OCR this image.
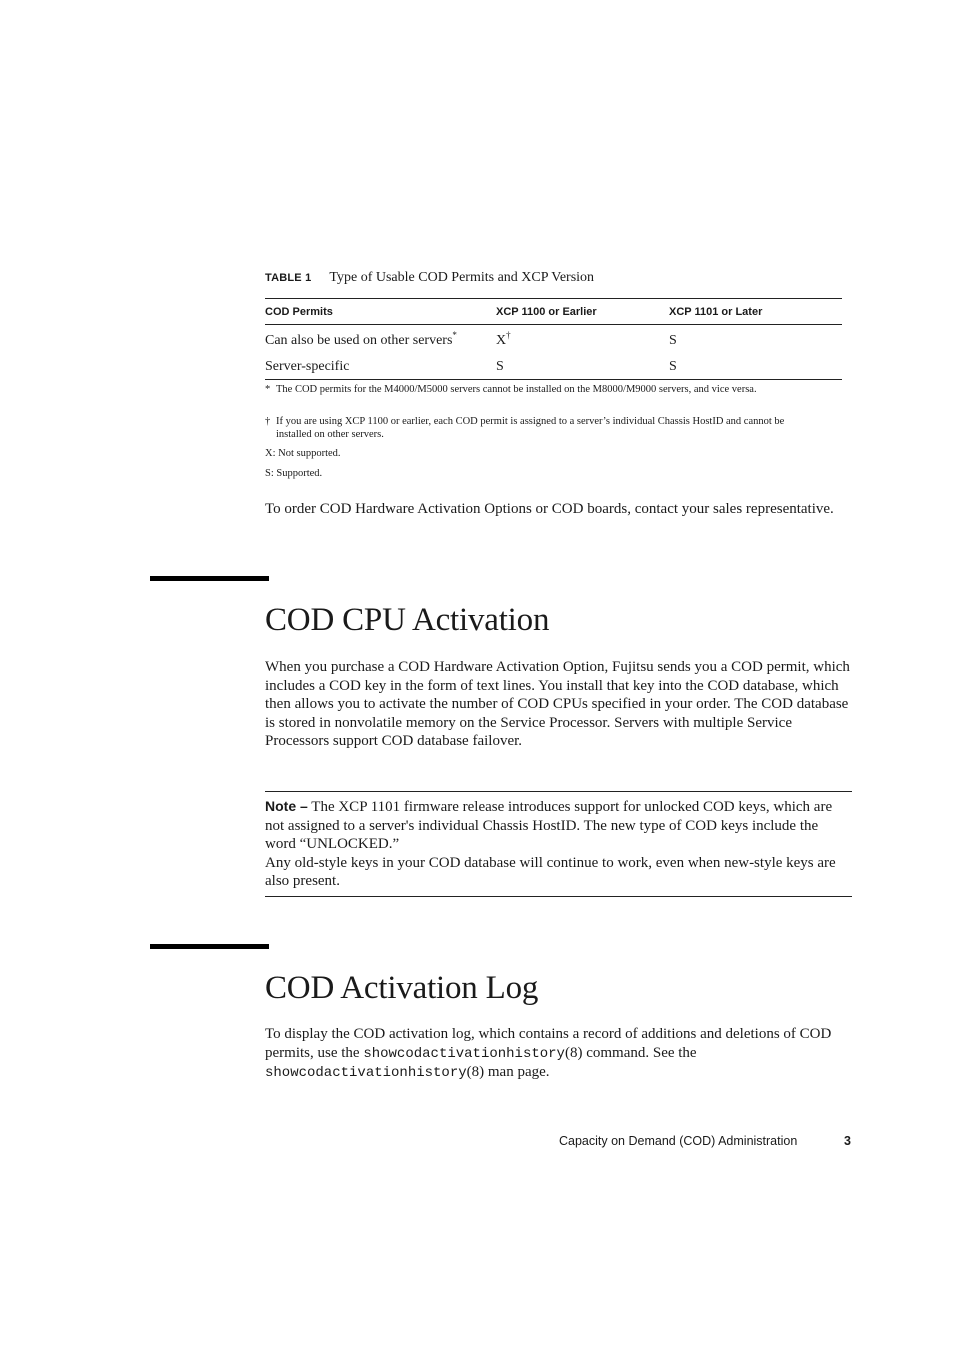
TABLE 1 Type of Usable COD Permits and XCP Version
COD Permits	XCP 1100 or Earlier	XCP 1101 or Later
Can also be used on other servers*	X†	S
Server-specific	S	S
* The COD permits for the M4000/M5000 servers cannot be installed on the M8000/M9000 servers, and vice versa.
† If you are using XCP 1100 or earlier, each COD permit is assigned to a server’s individual Chassis HostID and cannot be installed on other servers.
X: Not supported.
S: Supported.

To order COD Hardware Activation Options or COD boards, contact your sales representative.

COD CPU Activation

When you purchase a COD Hardware Activation Option, Fujitsu sends you a COD permit, which includes a COD key in the form of text lines. You install that key into the COD database, which then allows you to activate the number of COD CPUs specified in your order. The COD database is stored in nonvolatile memory on the Service Processor. Servers with multiple Service Processors support COD database failover.

Note – The XCP 1101 firmware release introduces support for unlocked COD keys, which are not assigned to a server's individual Chassis HostID. The new type of COD keys include the word “UNLOCKED.”
Any old-style keys in your COD database will continue to work, even when new-style keys are also present.
COD Activation Log

To display the COD activation log, which contains a record of additions and deletions of COD permits, use the showcodactivationhistory(8) command. See the showcodactivationhistory(8) man page.

Capacity on Demand (COD) Administration	3
